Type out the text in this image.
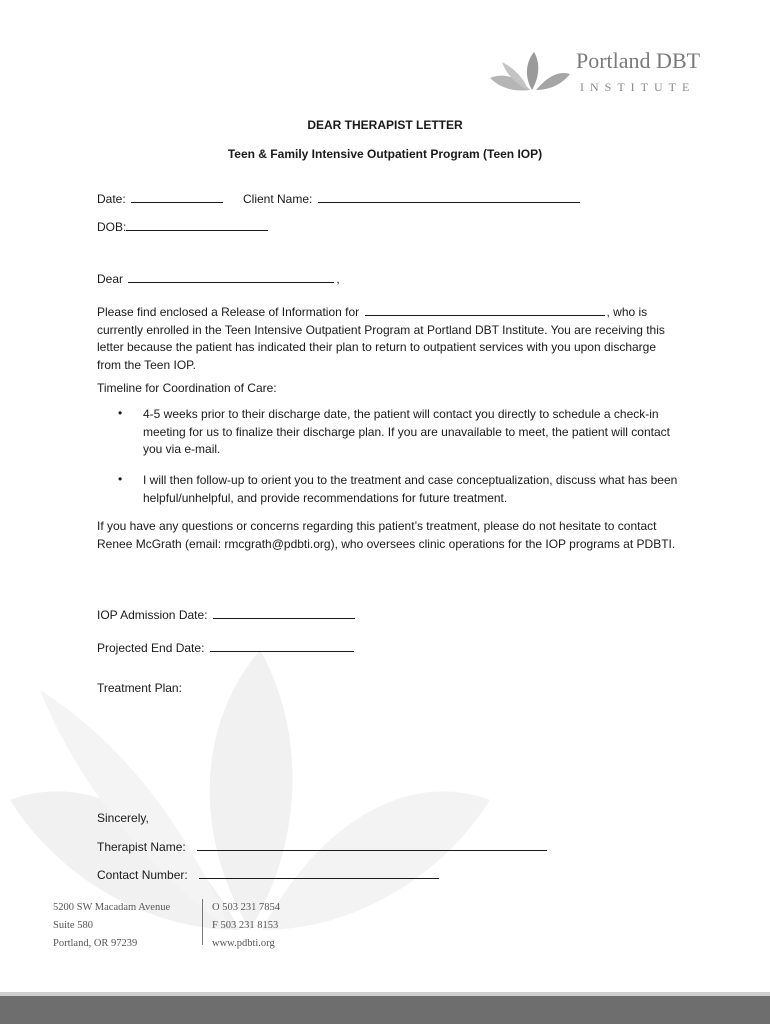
Portland DBT
INSTITUTE
DEAR THERAPIST LETTER
Teen & Family Intensive Outpatient Program (Teen IOP)
Date:	Client Name:
DOB:
Dear	,
Please find enclosed a Release of Information for	, who is currently enrolled in the Teen Intensive Outpatient Program at Portland DBT Institute. You are receiving this letter because the patient has indicated their plan to return to outpatient services with you upon discharge from the Teen IOP.
Timeline for Coordination of Care:
• 4-5 weeks prior to their discharge date, the patient will contact you directly to schedule a check-in meeting for us to finalize their discharge plan. If you are unavailable to meet, the patient will contact you via e-mail.
• I will then follow-up to orient you to the treatment and case conceptualization, discuss what has been helpful/unhelpful, and provide recommendations for future treatment.
If you have any questions or concerns regarding this patient’s treatment, please do not hesitate to contact Renee McGrath (email: rmcgrath@pdbti.org), who oversees clinic operations for the IOP programs at PDBTI.
IOP Admission Date:
Projected End Date:
Treatment Plan:
Sincerely,
Therapist Name:
Contact Number:
5200 SW Macadam Avenue
Suite 580
Portland, OR 97239
O 503 231 7854
F 503 231 8153
www.pdbti.org
